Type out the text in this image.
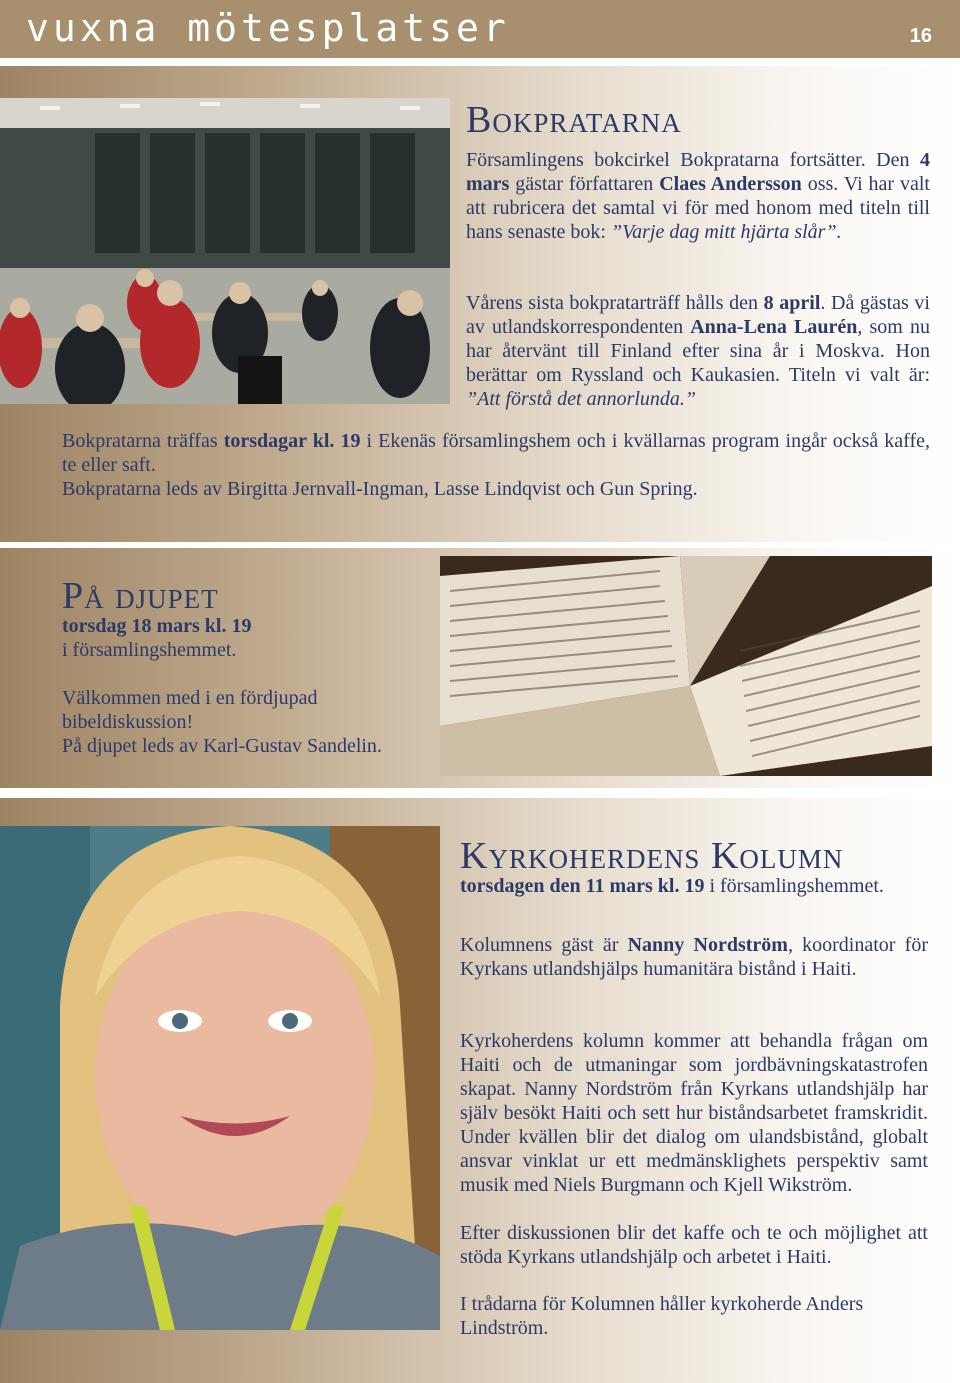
vuxna mötesplatser	16
Bokpratarna

Församlingens bokcirkel Bokpratarna fortsätter. Den 4 mars gästar författaren Claes Andersson oss. Vi har valt att rubricera det samtal vi för med honom med titeln till hans senaste bok: ”Varje dag mitt hjärta slår”.

Vårens sista bokpratarträff hålls den 8 april. Då gästas vi av utlandskorrespondenten Anna-Lena Laurén, som nu har återvänt till Finland efter sina år i Moskva. Hon berättar om Ryssland och Kaukasien. Titeln vi valt är: ”Att förstå det annorlunda.”

Bokpratarna träffas torsdagar kl. 19 i Ekenäs församlingshem och i kvällarnas program ingår också kaffe, te eller saft.

Bokpratarna leds av Birgitta Jernvall-Ingman, Lasse Lindqvist och Gun Spring.

På djupet

torsdag 18 mars kl. 19

i församlingshemmet.

Välkommen med i en fördjupad bibeldiskussion!

På djupet leds av Karl-Gustav Sandelin.

Kyrkoherdens Kolumn

torsdagen den 11 mars kl. 19 i församlingshemmet.

Kolumnens gäst är Nanny Nordström, koordinator för Kyrkans utlandshjälps humanitära bistånd i Haiti.

Kyrkoherdens kolumn kommer att behandla frågan om Haiti och de utmaningar som jordbävningskatastrofen skapat. Nanny Nordström från Kyrkans utlandshjälp har själv besökt Haiti och sett hur biståndsarbetet framskridit. Under kvällen blir det dialog om ulandsbistånd, globalt ansvar vinklat ur ett medmänsklighets perspektiv samt musik med Niels Burgmann och Kjell Wikström.

Efter diskussionen blir det kaffe och te och möjlighet att stöda Kyrkans utlandshjälp och arbetet i Haiti.

I trådarna för Kolumnen håller kyrkoherde Anders Lindström.
